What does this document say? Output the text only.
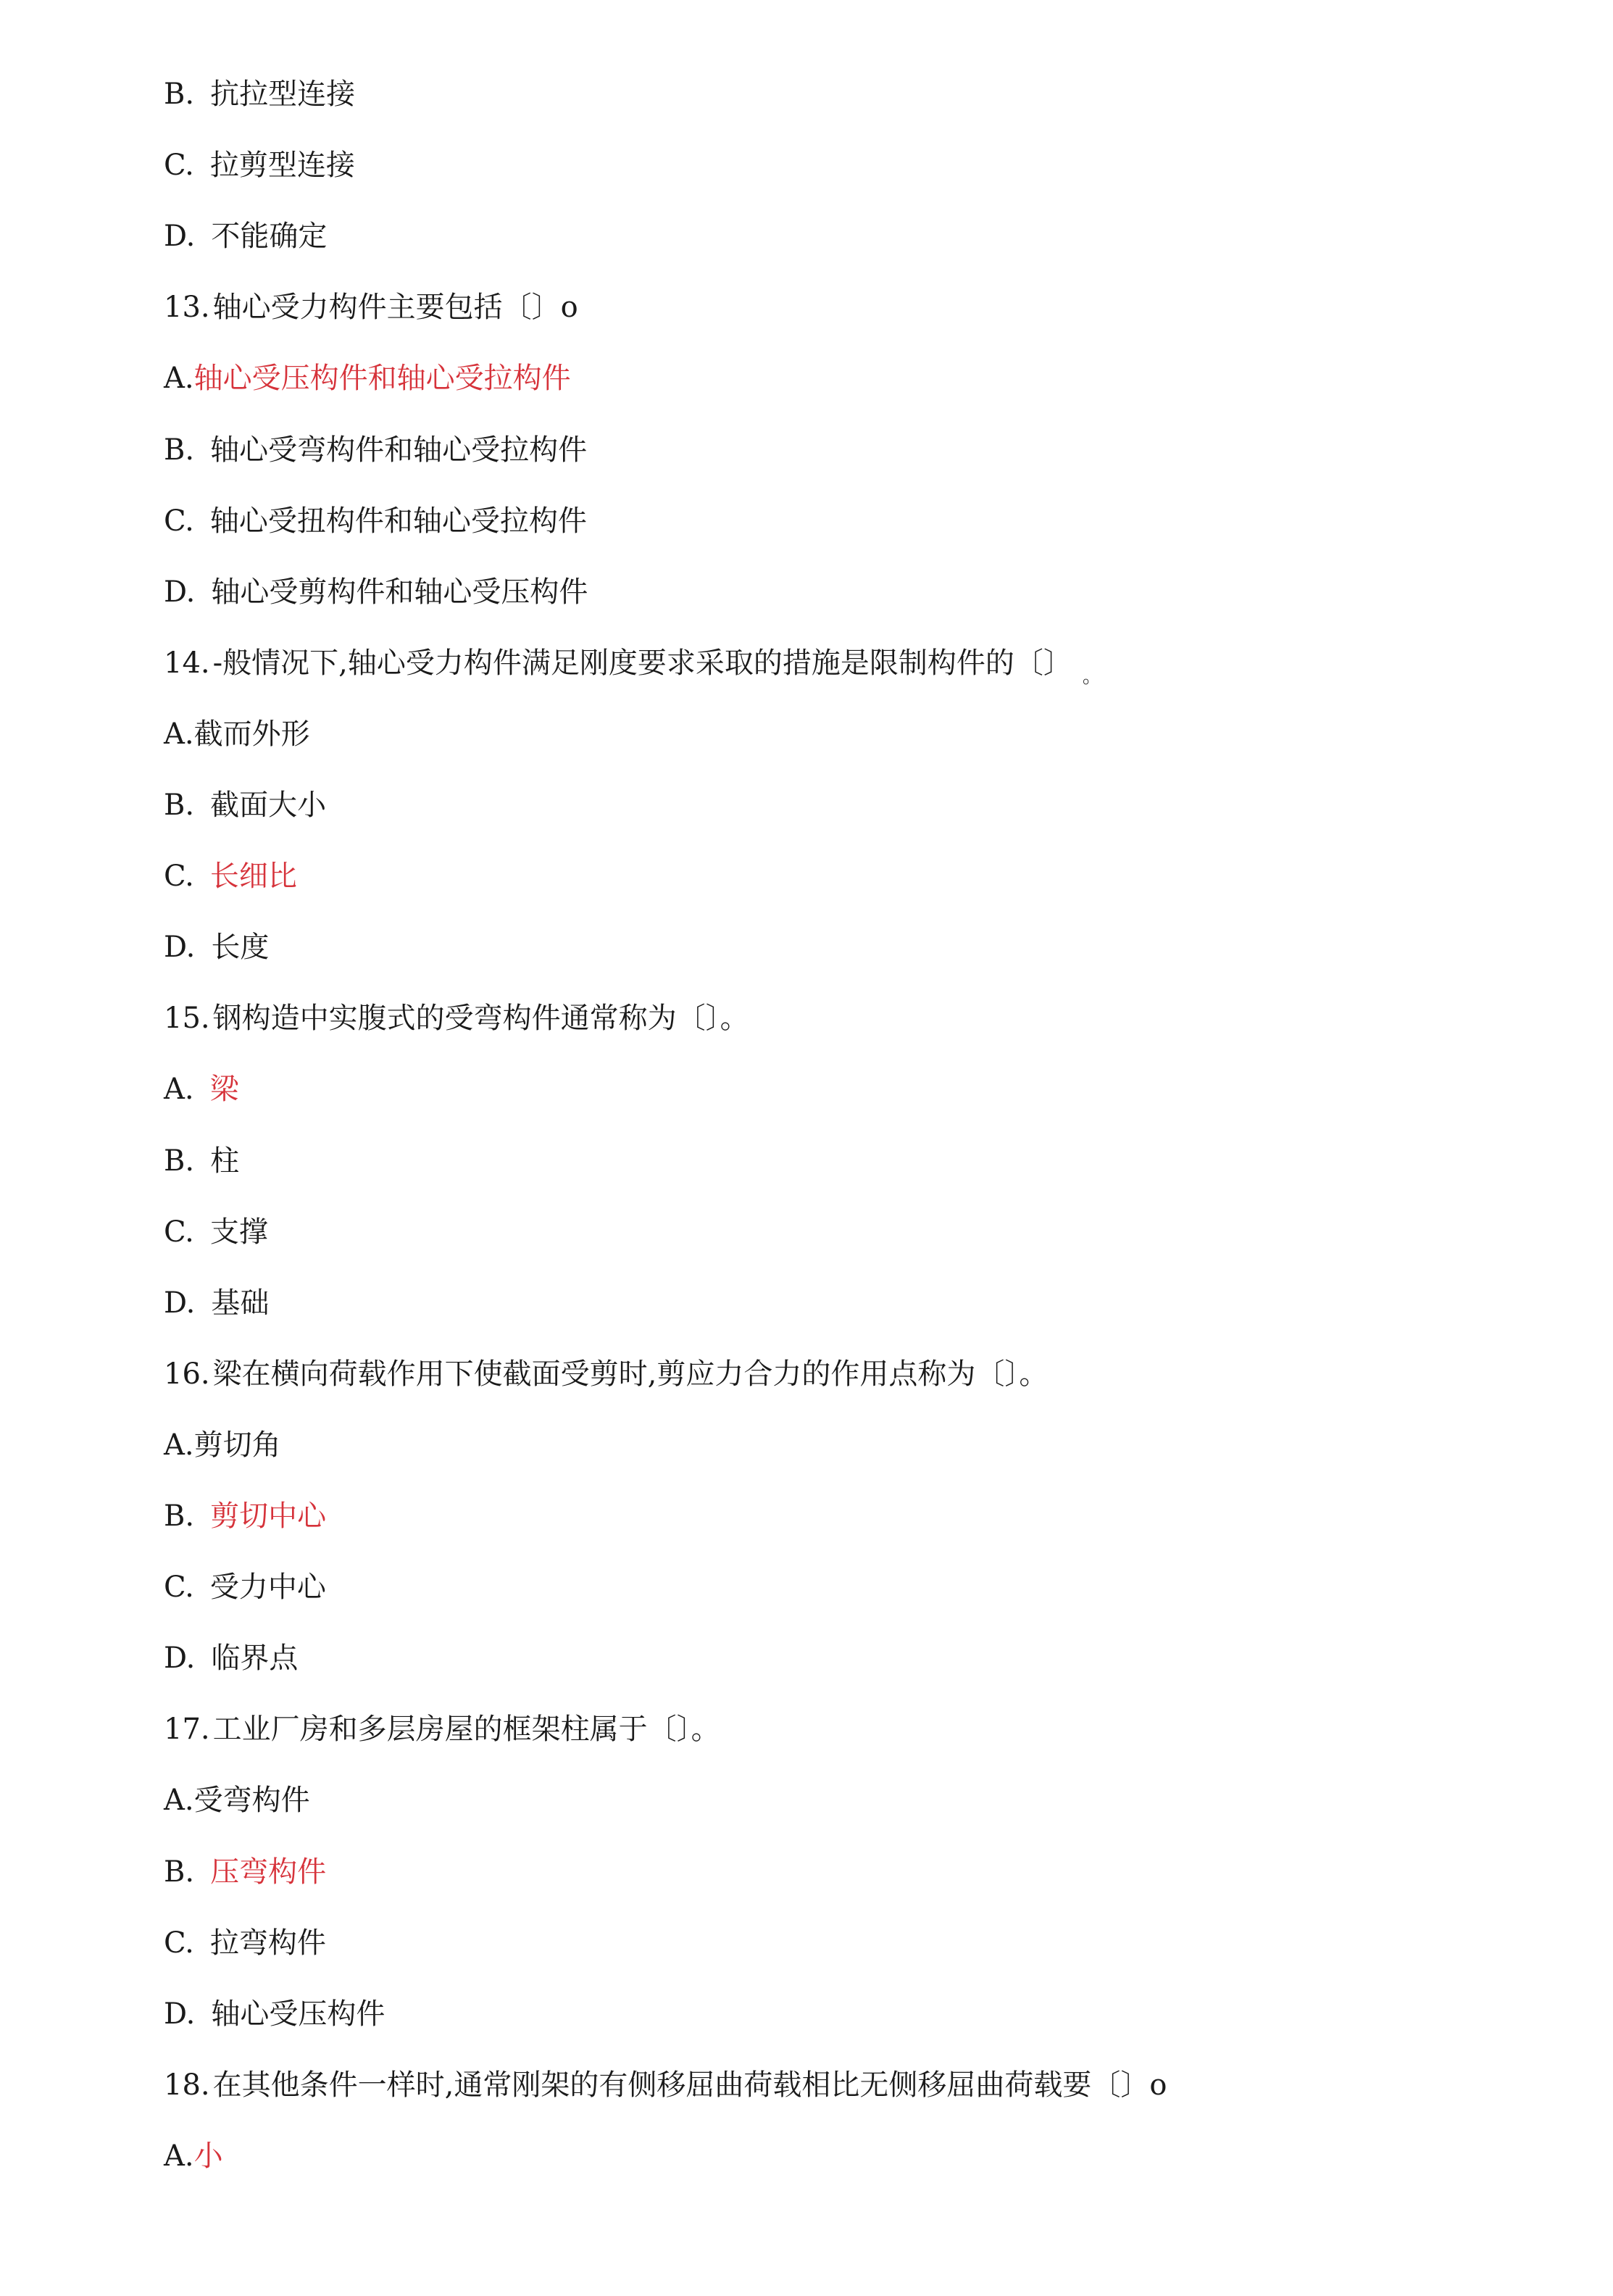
B. 抗拉型连接
C. 拉剪型连接
D. 不能确定
13. 轴心受力构件主要包括〔〕o
A.轴心受压构件和轴心受拉构件
B. 轴心受弯构件和轴心受拉构件
C. 轴心受扭构件和轴心受拉构件
D. 轴心受剪构件和轴心受压构件
14. -般情况下,轴心受力构件满足刚度要求采取的措施是限制构件的〔〕 $_。$
A.截而外形
B. 截面大小
C. 长细比
D. 长度
15. 钢构造中实腹式的受弯构件通常称为〔〕。
A. 梁
B. 柱
C. 支撑
D. 基础
16. 梁在横向荷载作用下使截面受剪时,剪应力合力的作用点称为〔〕。
A.剪切角
B. 剪切中心
C. 受力中心
D. 临界点
17. 工业厂房和多层房屋的框架柱属于〔〕。
A.受弯构件
B. 压弯构件
C. 拉弯构件
D. 轴心受压构件
18. 在其他条件一样时,通常刚架的有侧移屈曲荷载相比无侧移屈曲荷载要〔〕o
A.小
